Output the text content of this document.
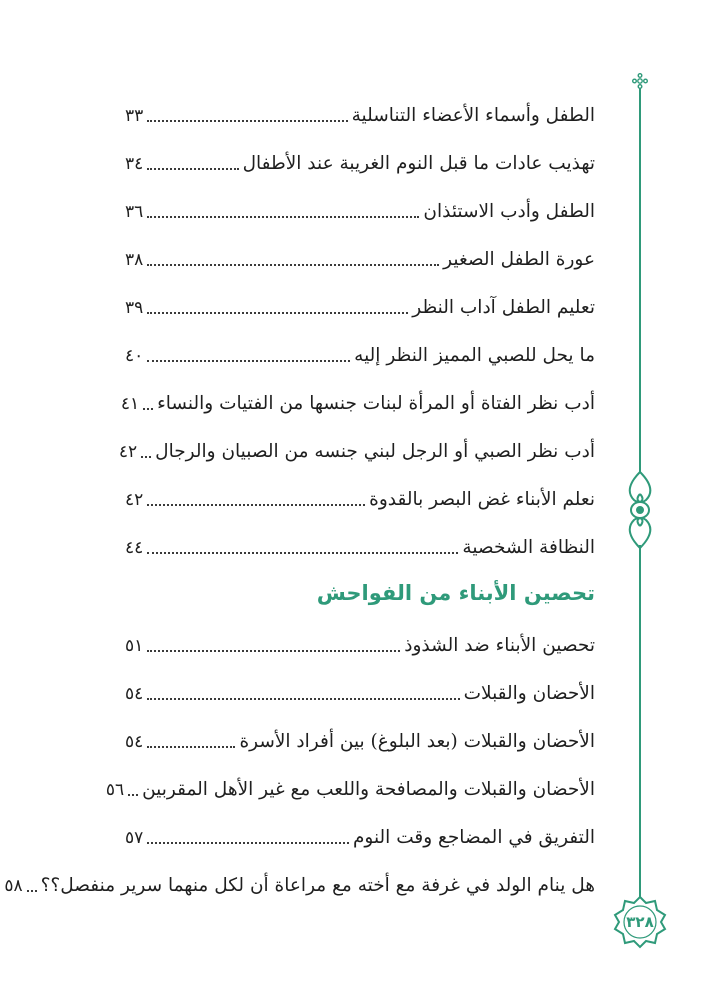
الطفل وأسماء الأعضاء التناسلية
٣٣
تهذيب عادات ما قبل النوم الغريبة عند الأطفال
٣٤
الطفل وأدب الاستئذان
٣٦
عورة الطفل الصغير
٣٨
تعليم الطفل آداب النظر
٣٩
ما يحل للصبي المميز النظر إليه
٤٠
أدب نظر الفتاة أو المرأة لبنات جنسها من الفتيات والنساء
٤١
أدب نظر الصبي أو الرجل لبني جنسه من الصبيان والرجال
٤٢
نعلم الأبناء غض البصر بالقدوة
٤٢
النظافة الشخصية
٤٤
تحصين الأبناء من الفواحش
تحصين الأبناء ضد الشذوذ
٥١
الأحضان والقبلات
٥٤
الأحضان والقبلات (بعد البلوغ) بين أفراد الأسرة
٥٤
الأحضان والقبلات والمصافحة واللعب مع غير الأهل المقربين
٥٦
التفريق في المضاجع وقت النوم
٥٧
هل ينام الولد في غرفة مع أخته مع مراعاة أن لكل منهما سرير منفصل؟؟
٥٨
٣٢٨
